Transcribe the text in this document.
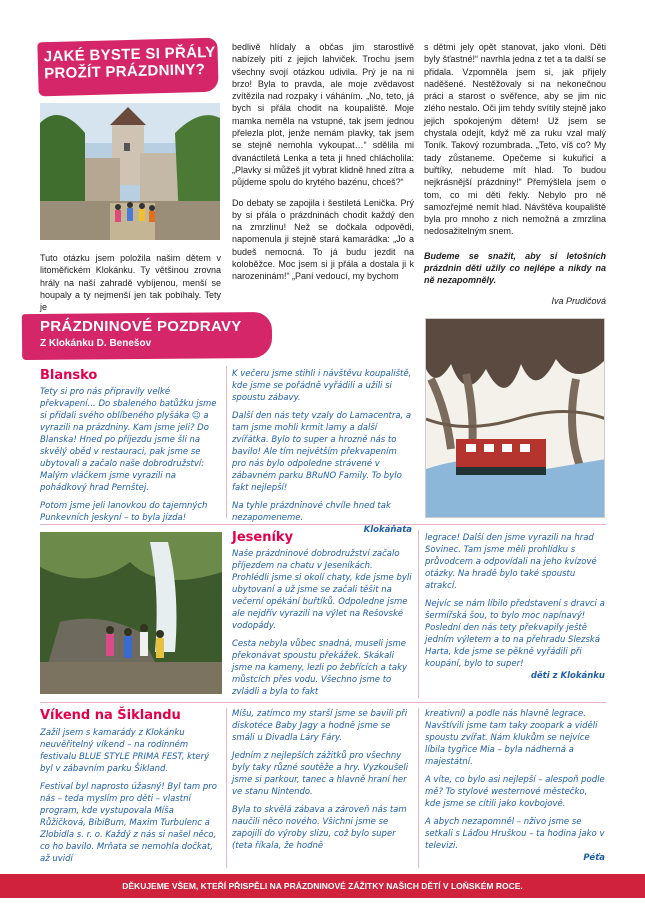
JAKÉ BYSTE SI PŘÁLY
PROŽÍT PRÁZDNINY?

Tuto otázku jsem položila našim dětem v litoměřickém Klokánku. Ty většinou zrovna hrály na naší zahradě vybíjenou, menší se houpaly a ty nejmenší jen tak pobíhaly. Tety je

bedlivě hlídaly a občas jim starostlivě nabízely pití z jejich lahviček. Trochu jsem všechny svojí otázkou udivila. Prý je na ni brzo! Byla to pravda, ale moje zvědavost zvítězila nad rozpaky i váháním. „No, teto, já bych si přála chodit na koupaliště. Moje mamka neměla na vstupné, tak jsem jednou přelezla plot, jenže nemám plavky, tak jsem se stejně nemohla vykoupat…“ sdělila mi dvanáctiletá Lenka a teta ji hned chlácholila: „Plavky si můžeš jít vybrat klidně hned zítra a půjdeme spolu do krytého bazénu, chceš?“

Do debaty se zapojila i šestiletá Lenička. Prý by si přála o prázdninách chodit každý den na zmrzlinu! Než se dočkala odpovědi, napomenula ji stejně stará kamarádka: „Jo a budeš nemocná. To já budu jezdit na koloběžce. Moc jsem si ji přála a dostala ji k narozeninám!“ „Paní vedoucí, my bychom

s dětmi jely opět stanovat, jako vloni. Děti byly šťastné!“ navrhla jedna z tet a ta další se přidala. Vzpomněla jsem si, jak přijely naděšené. Nestěžovaly si na nekonečnou práci a starost o svěřence, aby se jim nic zlého nestalo. Oči jim tehdy svítily stejně jako jejich spokojeným dětem! Už jsem se chystala odejít, když mě za ruku vzal malý Toník. Takový rozumbrada. „Teto, víš co? My tady zůstaneme. Opečeme si kukuřici a buřtíky, nebudeme mít hlad. To budou nejkrásnější prázdniny!“ Přemýšlela jsem o tom, co mi děti řekly. Nebylo pro ně samozřejmé nemít hlad. Návštěva koupaliště byla pro mnoho z nich nemožná a zmrzlina nedosažitelným snem.

Budeme se snažit, aby si letošních prázdnin děti užily co nejlépe a nikdy na ně nezapomněly.

Iva Prudičová

PRÁZDNINOVÉ POZDRAVY
Z Klokánku D. Benešov
Blansko

Tety si pro nás připravily velké překvapení... Do sbaleného batůžku jsme si přidali svého oblíbeného plyšáka ☺ a vyrazili na prázdniny. Kam jsme jeli? Do Blanska! Hned po příjezdu jsme šli na skvělý oběd v restauraci, pak jsme se ubytovali a začalo naše dobrodružství: Malým vláčkem jsme vyrazili na pohádkový hrad Pernštej.

Potom jsme jeli lanovkou do tajemných Punkevních jeskyní – to byla jízda!

K večeru jsme stihli i návštěvu koupaliště, kde jsme se pořádně vyřádili a užili si spoustu zábavy.

Další den nás tety vzaly do Lamacentra, a tam jsme mohli krmit lamy a další zvířátka. Bylo to super a hrozně nás to bavilo! Ale tím největším překvapením pro nás bylo odpoledne strávené v zábavném parku BRuNO Family. To bylo fakt nejlepší!

Na tyhle prázdninové chvíle hned tak nezapomeneme.

Klokáňata
Jeseníky

Naše prázdninové dobrodružství začalo příjezdem na chatu v Jeseníkách. Prohlédli jsme si okolí chaty, kde jsme byli ubytovaní a už jsme se začali těšit na večerní opékání buřtíků. Odpoledne jsme ale nejdřív vyrazili na výlet na Rešovské vodopády.

Cesta nebyla vůbec snadná, museli jsme překonávat spoustu překážek. Skákali jsme na kameny, lezli po žebřících a taky můstcích přes vodu. Všechno jsme to zvládli a byla to fakt

legrace! Další den jsme vyrazili na hrad Sovinec. Tam jsme měli prohlídku s průvodcem a odpovídali na jeho kvízové otázky. Na hradě bylo také spoustu atrakcí.

Nejvíc se nám líbilo představení s dravci a šermířská šou, to bylo moc napínavý! Poslední den nás tety překvapily ještě jedním výletem a to na přehradu Slezská Harta, kde jsme se pěkně vyřádili při koupání, bylo to super!

děti z Klokánku
Víkend na Šiklandu

Zažil jsem s kamarády z Klokánku neuvěřitelný víkend – na rodinném festivalu BLUE STYLE PRIMA FEST, který byl v zábavním parku Šikland.

Festival byl naprosto úžasný! Byl tam pro nás – teda myslím pro děti – vlastní program, kde vystupovala Míša Růžičková, BibiBum, Maxim Turbulenc a Zlobidla s. r. o. Každý z nás si našel něco, co ho bavilo. Mrňata se nemohla dočkat, až uvidí

Míšu, zatímco my starší jsme se bavili při diskotéce Baby Jagy a hodně jsme se smáli u Divadla Láry Fáry.

Jedním z nejlepších zážitků pro všechny byly taky různé soutěže a hry. Vyzkoušeli jsme si parkour, tanec a hlavně hraní her ve stanu Nintendo.

Byla to skvělá zábava a zároveň nás tam naučili něco nového. Všichni jsme se zapojili do výroby slizu, což bylo super (teta říkala, že hodně

kreativní) a podle nás hlavně legrace. Navštívili jsme tam taky zoopark a viděli spoustu zvířat. Nám klukům se nejvíce líbila tygřice Mia – byla nádherná a majestátní.

A víte, co bylo asi nejlepší – alespoň podle mě? To stylové westernové městečko, kde jsme se cítili jako kovbojové.

A abych nezapomněl – nživo jsme se setkali s Láďou Hruškou – ta hodina jako v televizi.

Péťa
DĚKUJEME VŠEM, KTEŘÍ PŘISPĚLI NA PRÁZDNINOVÉ ZÁŽITKY NAŠICH DĚTÍ V LOŇSKÉM ROCE.
